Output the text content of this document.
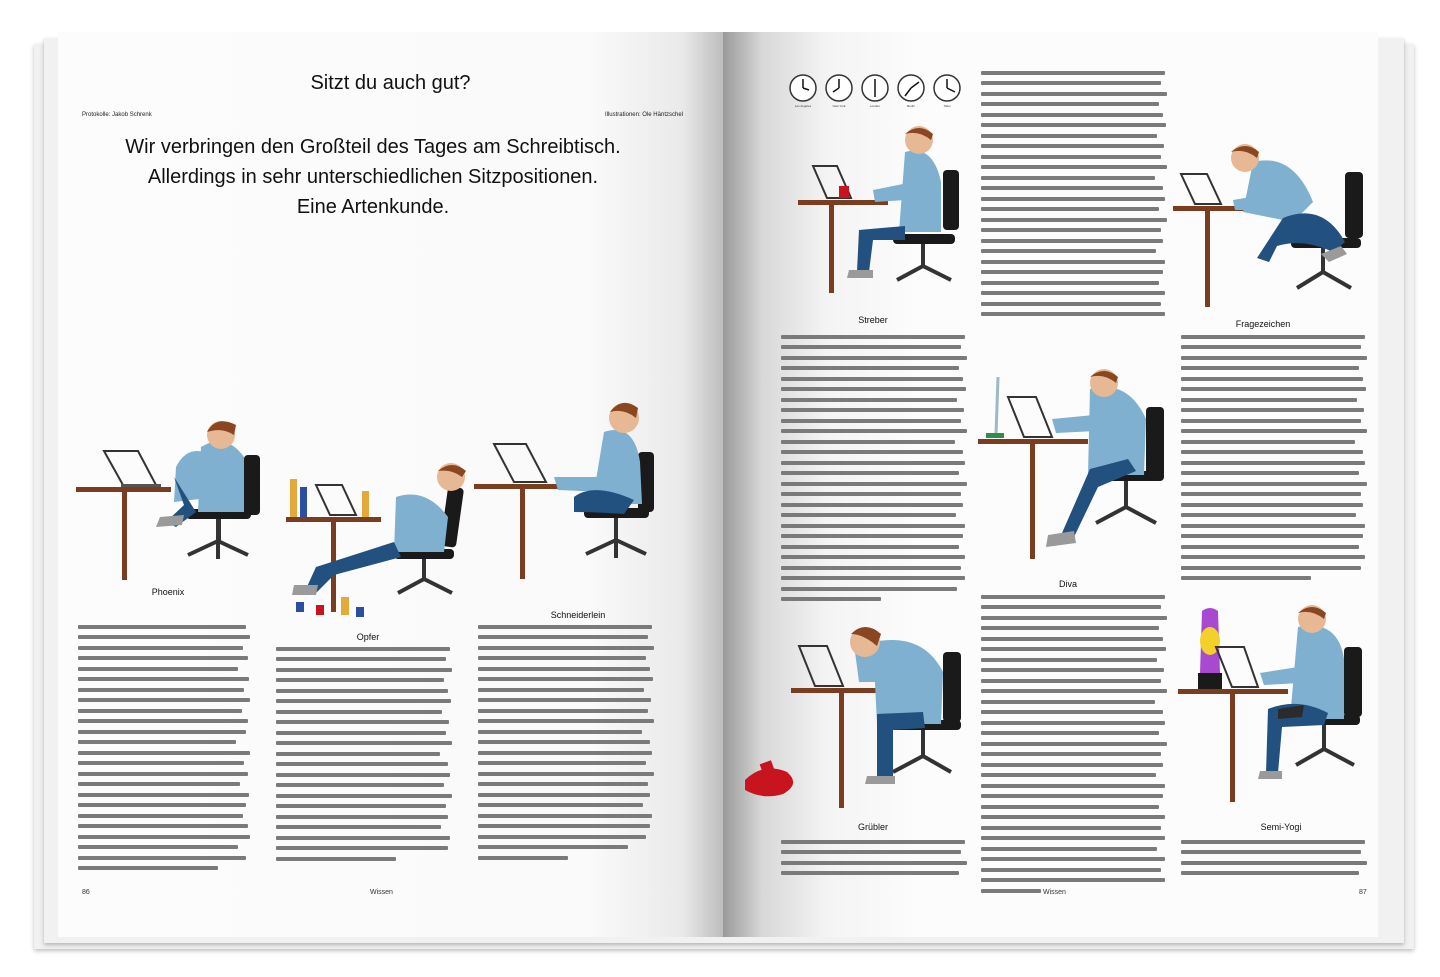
Sitzt du auch gut?
Protokolle: Jakob Schrenk	Illustrationen: Ole Häntzschel

Wir verbringen den Großteil des Tages am Schreibtisch.
Allerdings in sehr unterschiedlichen Sitzpositionen.
Eine Artenkunde.

Phoenix
Opfer
Schneiderlein
86	Wissen
Los Angeles	New York	London	Berlin	Tokio
Streber	Fragezeichen
Diva
Grübler	Semi-Yogi
Wissen	87
